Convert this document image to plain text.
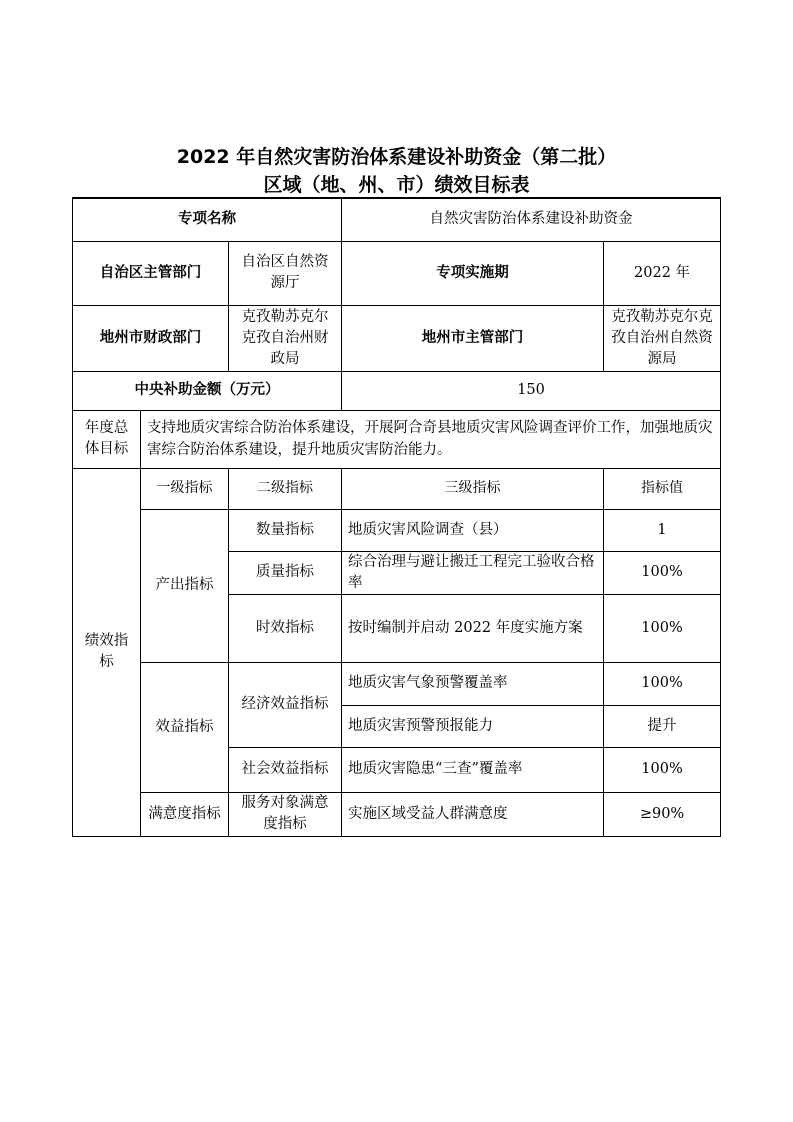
2022 年自然灾害防治体系建设补助资金（第二批）
区域（地、州、市）绩效目标表
专项名称			自然灾害防治体系建设补助资金	
自治区主管部门		自治区自然资源厅	专项实施期	2022 年
地州市财政部门		克孜勒苏克尔克孜自治州财政局	地州市主管部门	克孜勒苏克尔克孜自治州自然资源局
中央补助金额（万元）			150	
年度总体目标	支持地质灾害综合防治体系建设，开展阿合奇县地质灾害风险调查评价工作，加强地质灾害综合防治体系建设，提升地质灾害防治能力。			
绩效指标	一级指标	二级指标	三级指标	指标值
	产出指标	数量指标	地质灾害风险调查（县）	1
		质量指标	综合治理与避让搬迁工程完工验收合格率	100%
		时效指标	按时编制并启动 2022 年度实施方案	100%
	效益指标	经济效益指标	地质灾害气象预警覆盖率	100%
			地质灾害预警预报能力	提升
		社会效益指标	地质灾害隐患“三查”覆盖率	100%
	满意度指标	服务对象满意度指标	实施区域受益人群满意度	≥90%
